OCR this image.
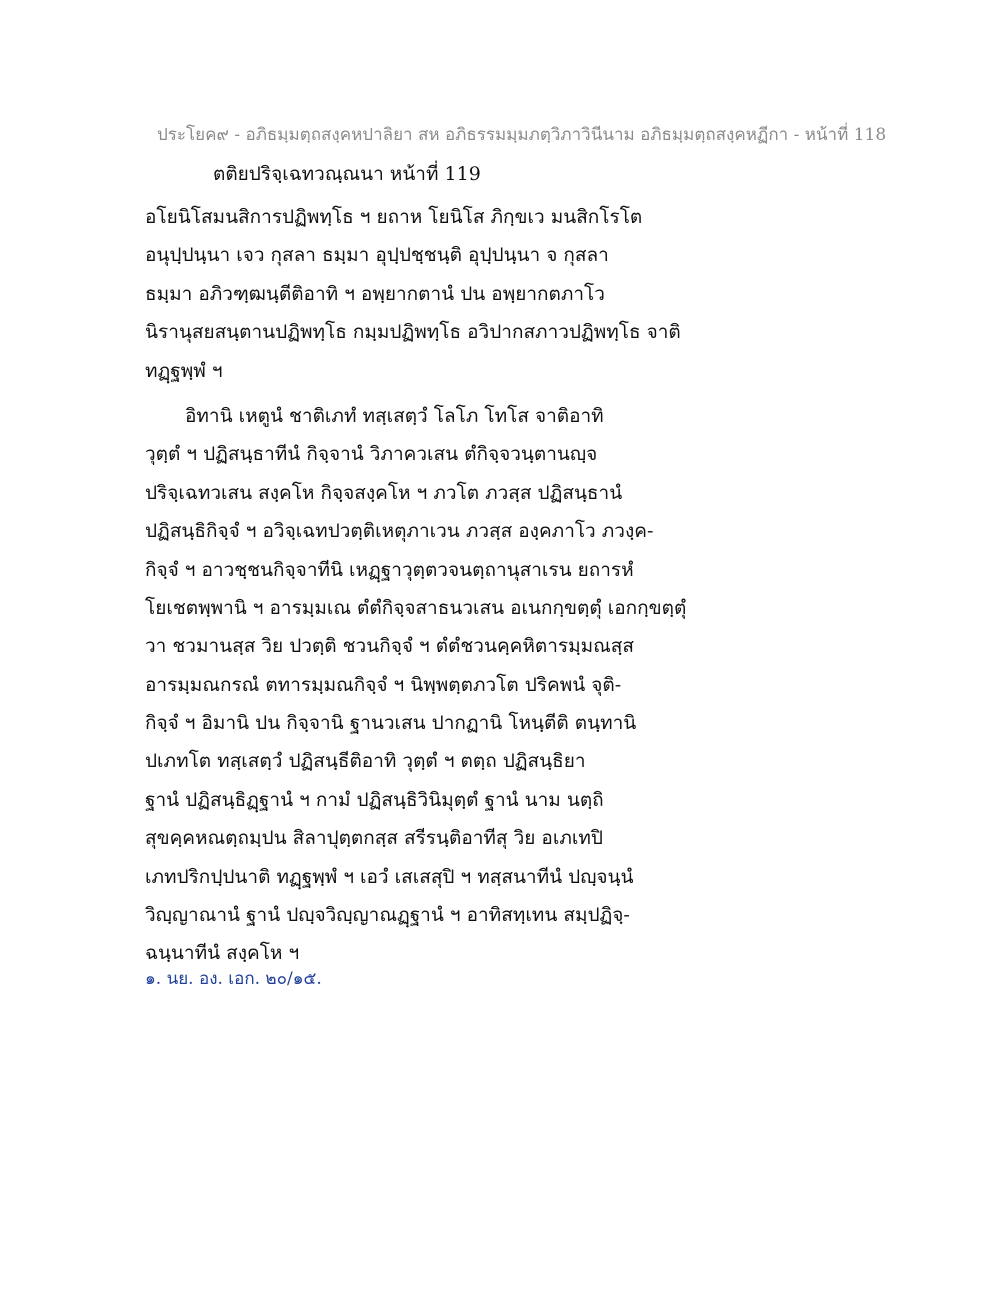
ประโยค๙ - อภิธมฺมตฺถสงฺคหปาลิยา สห อภิธรรมมฺมภตฺวิภาวินีนาม อภิธมฺมตฺถสงฺคหฏีกา - หน้าที่ 118
ตติยปริจฺเฉทวณฺณนา หน้าที่ 119
อโยนิโสมนสิการปฏิพทฺโธ ฯ ยถาห โยนิโส ภิกฺขเว มนสิกโรโต
อนุปฺปนฺนา เจว กุสลา ธมฺมา อุปฺปชฺชนฺติ อุปฺปนฺนา จ กุสลา
ธมฺมา อภิวฑฺฒนฺตีติอาทิ ฯ อพฺยากตานํ ปน อพฺยากตภาโว
นิรานุสยสนฺตานปฏิพทฺโธ กมฺมปฏิพทฺโธ อวิปากสภาวปฏิพทฺโธ จาติ
ทฏฺฐพฺพํ ฯ
อิทานิ เหตูนํ ชาติเภทํ ทสฺเสตฺวํ โลโภ โทโส จาติอาทิ
วุตฺตํ ฯ ปฏิสนฺธาทีนํ กิจฺจานํ วิภาควเสน ตํกิจฺจวนฺตานญฺจ
ปริจฺเฉทวเสน สงฺคโห กิจฺจสงฺคโห ฯ ภวโต ภวสฺส ปฏิสนฺธานํ
ปฏิสนฺธิกิจฺจํ ฯ อวิจฺเฉทปวตฺติเหตุภาเวน ภวสฺส องฺคภาโว ภวงฺค-
กิจฺจํ ฯ อาวชฺชนกิจฺจาทีนิ เหฏฺฐาวุตฺตวจนตฺถานุสาเรน ยถารหํ
โยเชตพฺพานิ ฯ อารมฺมเณ ตํตํกิจฺจสาธนวเสน อเนกกฺขตฺตุํ เอกกฺขตฺตุํ
วา ชวมานสฺส วิย ปวตฺติ ชวนกิจฺจํ ฯ ตํตํชวนคฺคหิตารมฺมณสฺส
อารมฺมณกรณํ ตทารมฺมณกิจฺจํ ฯ นิพฺพตฺตภวโต ปริคพนํ จุติ-
กิจฺจํ ฯ อิมานิ ปน กิจฺจานิ ฐานวเสน ปากฏานิ โหนฺตีติ ตนฺทานิ
ปเภทโต ทสฺเสตฺวํ ปฏิสนฺธีติอาทิ วุตฺตํ ฯ ตตฺถ ปฏิสนฺธิยา
ฐานํ ปฏิสนฺธิฏฺฐานํ ฯ กามํ ปฏิสนฺธิวินิมุตฺตํ ฐานํ นาม นตฺถิ
สุขคฺคหณตฺถมฺปน สิลาปุตฺตกสฺส สรีรนฺติอาทีสุ วิย อเภเทปิ
เภทปริกปฺปนาติ ทฏฺฐพฺพํ ฯ เอวํ เสเสสุปิ ฯ ทสฺสนาทีนํ ปญฺจนฺนํ
วิญฺญาณานํ ฐานํ ปญฺจวิญฺญาณฏฺฐานํ ฯ อาทิสทฺเทน สมฺปฏิจฺ-
ฉนฺนาทีนํ สงฺคโห ฯ
๑. นย. อง. เอก. ๒๐/๑๕.
